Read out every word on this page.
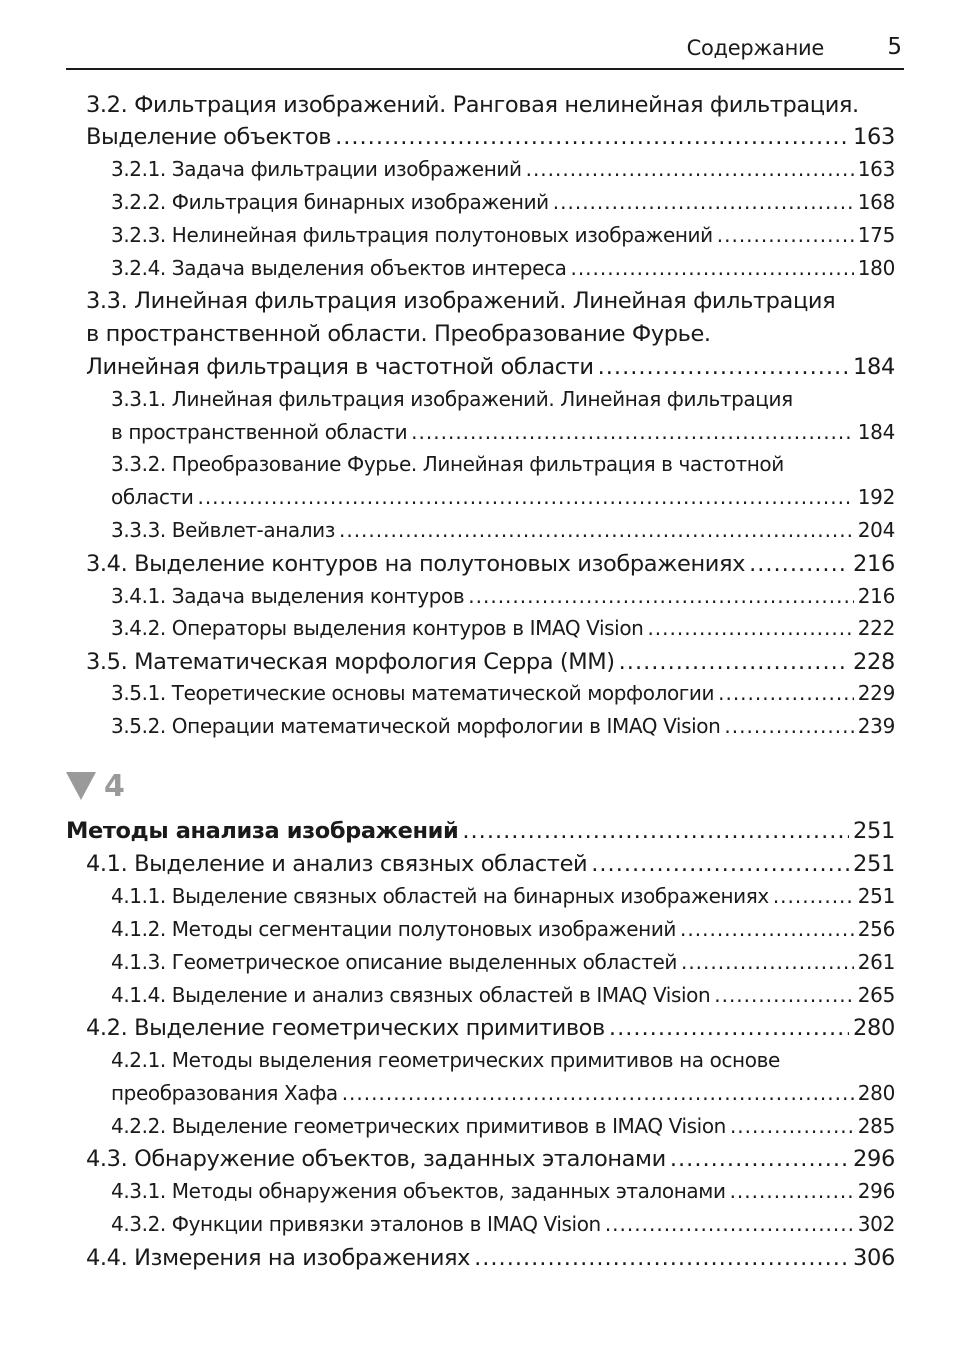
Содержание	5
4
3.2. Фильтрация изображений. Ранговая нелинейная фильтрация.
Выделение объектов .....	163
3.2.1. Задача фильтрации изображений .....	163
3.2.2. Фильтрация бинарных изображений .....	168
3.2.3. Нелинейная фильтрация полутоновых изображений .....	175
3.2.4. Задача выделения объектов интереса .....	180
3.3. Линейная фильтрация изображений. Линейная фильтрация
в пространственной области. Преобразование Фурье.
Линейная фильтрация в частотной области .....	184
3.3.1. Линейная фильтрация изображений. Линейная фильтрация
в пространственной области .....	184
3.3.2. Преобразование Фурье. Линейная фильтрация в частотной
области .....	192
3.3.3. Вейвлет-анализ .....	204
3.4. Выделение контуров на полутоновых изображениях .....	216
3.4.1. Задача выделения контуров .....	216
3.4.2. Операторы выделения контуров в IMAQ Vision .....	222
3.5. Математическая морфология Серра (ММ) .....	228
3.5.1. Теоретические основы математической морфологии .....	229
3.5.2. Операции математической морфологии в IMAQ Vision .....	239
Методы анализа изображений .....	251
4.1. Выделение и анализ связных областей .....	251
4.1.1. Выделение связных областей на бинарных изображениях .....	251
4.1.2. Методы сегментации полутоновых изображений .....	256
4.1.3. Геометрическое описание выделенных областей .....	261
4.1.4. Выделение и анализ связных областей в IMAQ Vision .....	265
4.2. Выделение геометрических примитивов .....	280
4.2.1. Методы выделения геометрических примитивов на основе
преобразования Хафа .....	280
4.2.2. Выделение геометрических примитивов в IMAQ Vision .....	285
4.3. Обнаружение объектов, заданных эталонами .....	296
4.3.1. Методы обнаружения объектов, заданных эталонами .....	296
4.3.2. Функции привязки эталонов в IMAQ Vision .....	302
4.4. Измерения на изображениях .....	306
